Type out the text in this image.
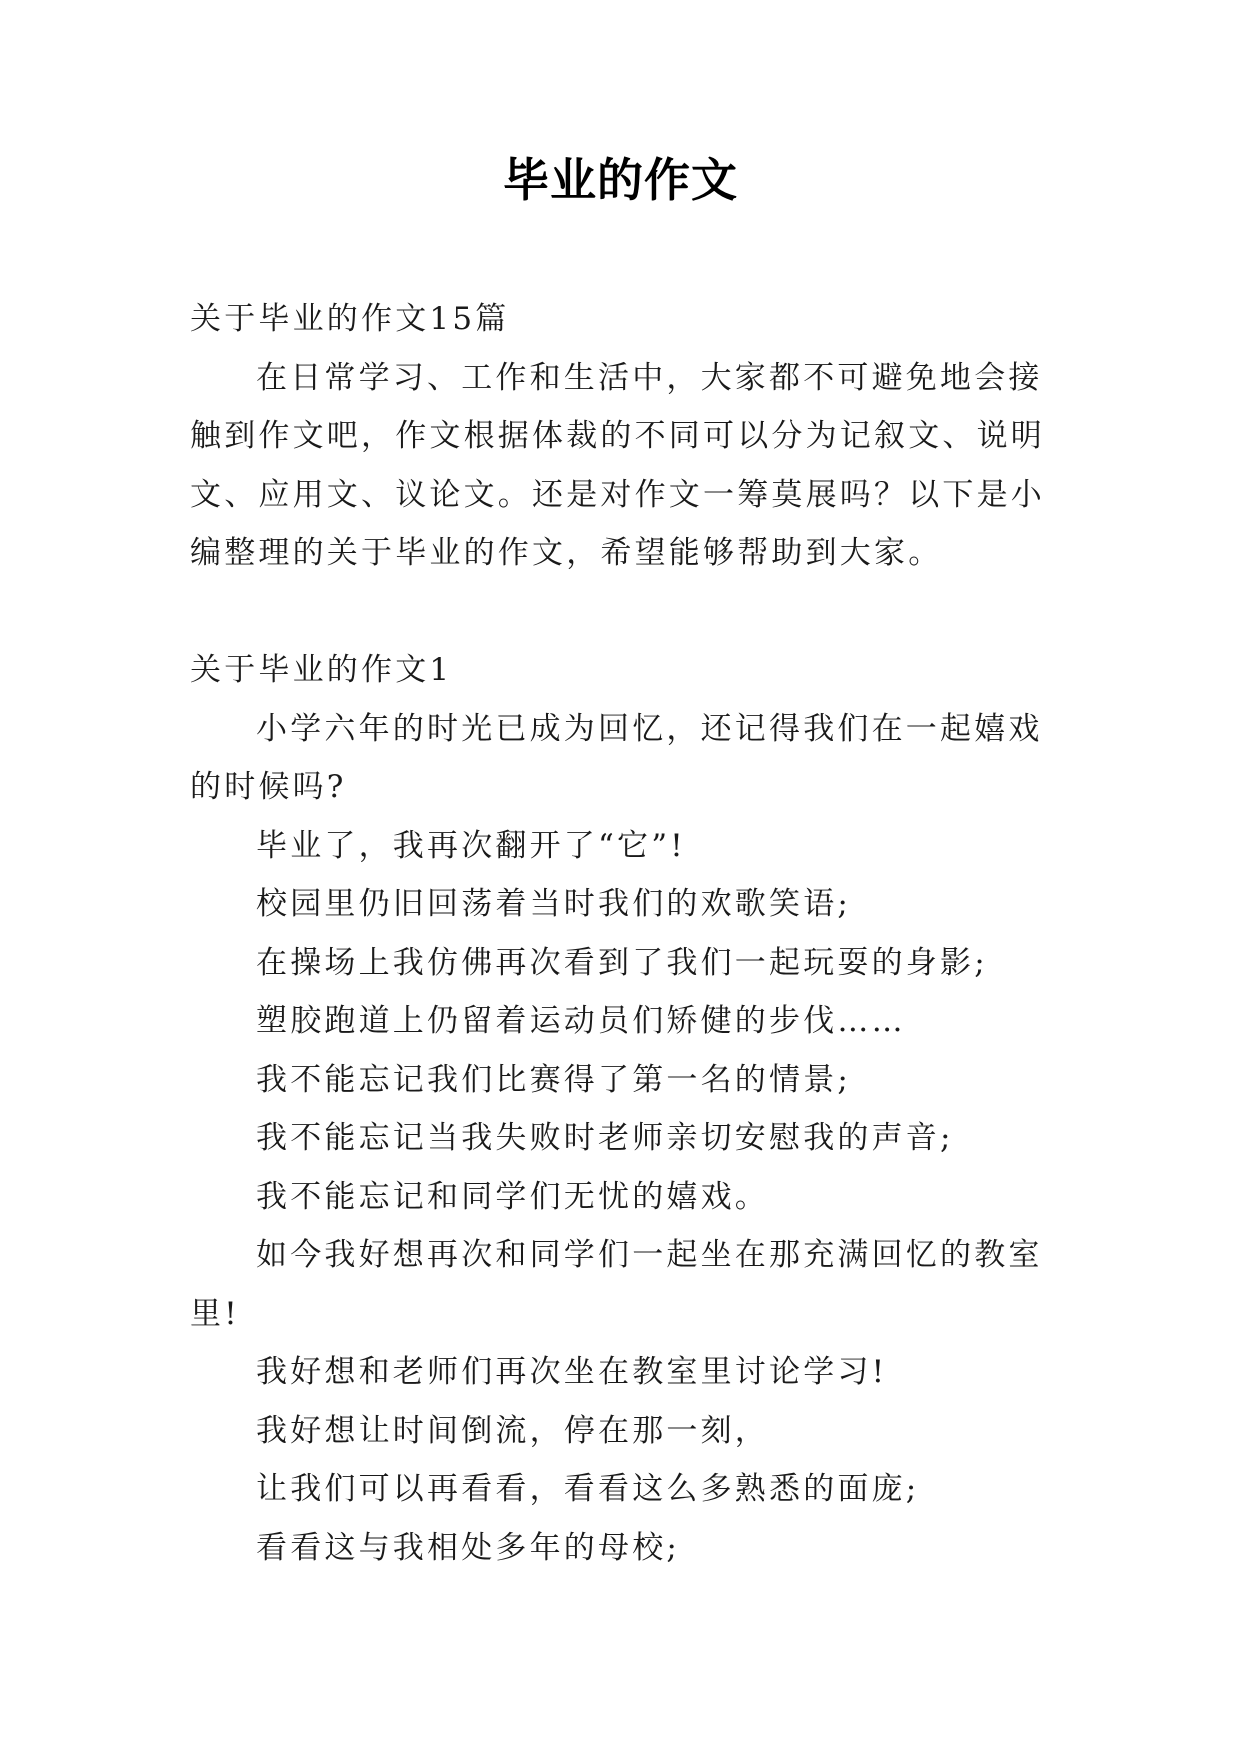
毕业的作文

关于毕业的作文15篇

在日常学习、工作和生活中，大家都不可避免地会接触到作文吧，作文根据体裁的不同可以分为记叙文、说明文、应用文、议论文。还是对作文一筹莫展吗？以下是小编整理的关于毕业的作文，希望能够帮助到大家。

关于毕业的作文1

小学六年的时光已成为回忆，还记得我们在一起嬉戏的时候吗?

毕业了，我再次翻开了“它”!

校园里仍旧回荡着当时我们的欢歌笑语;

在操场上我仿佛再次看到了我们一起玩耍的身影;

塑胶跑道上仍留着运动员们矫健的步伐……

我不能忘记我们比赛得了第一名的情景;

我不能忘记当我失败时老师亲切安慰我的声音;

我不能忘记和同学们无忧的嬉戏。

如今我好想再次和同学们一起坐在那充满回忆的教室里!

我好想和老师们再次坐在教室里讨论学习!

我好想让时间倒流，停在那一刻，

让我们可以再看看，看看这么多熟悉的面庞;

看看这与我相处多年的母校;
